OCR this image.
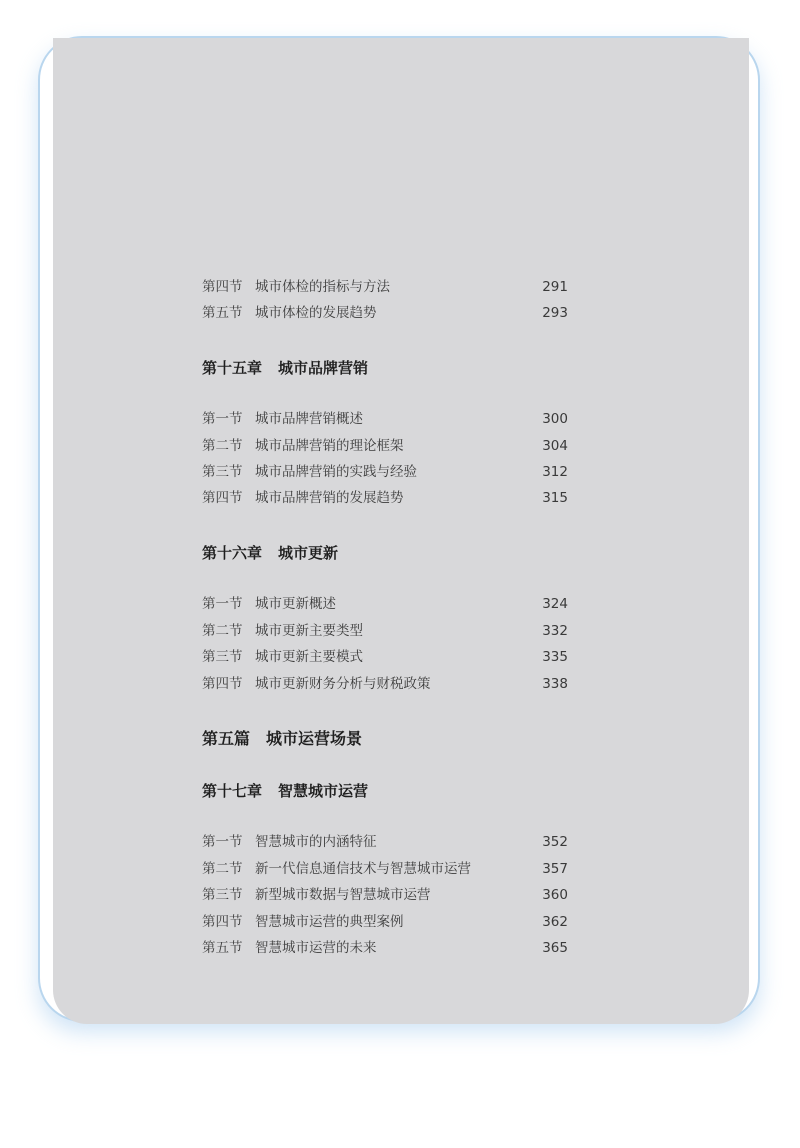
第四节 城市体检的指标与方法	291
第五节 城市体检的发展趋势	293
第十五章 城市品牌营销
第一节 城市品牌营销概述	300
第二节 城市品牌营销的理论框架	304
第三节 城市品牌营销的实践与经验	312
第四节 城市品牌营销的发展趋势	315
第十六章 城市更新
第一节 城市更新概述	324
第二节 城市更新主要类型	332
第三节 城市更新主要模式	335
第四节 城市更新财务分析与财税政策	338
第五篇 城市运营场景
第十七章 智慧城市运营
第一节 智慧城市的内涵特征	352
第二节 新一代信息通信技术与智慧城市运营	357
第三节 新型城市数据与智慧城市运营	360
第四节 智慧城市运营的典型案例	362
第五节 智慧城市运营的未来	365
